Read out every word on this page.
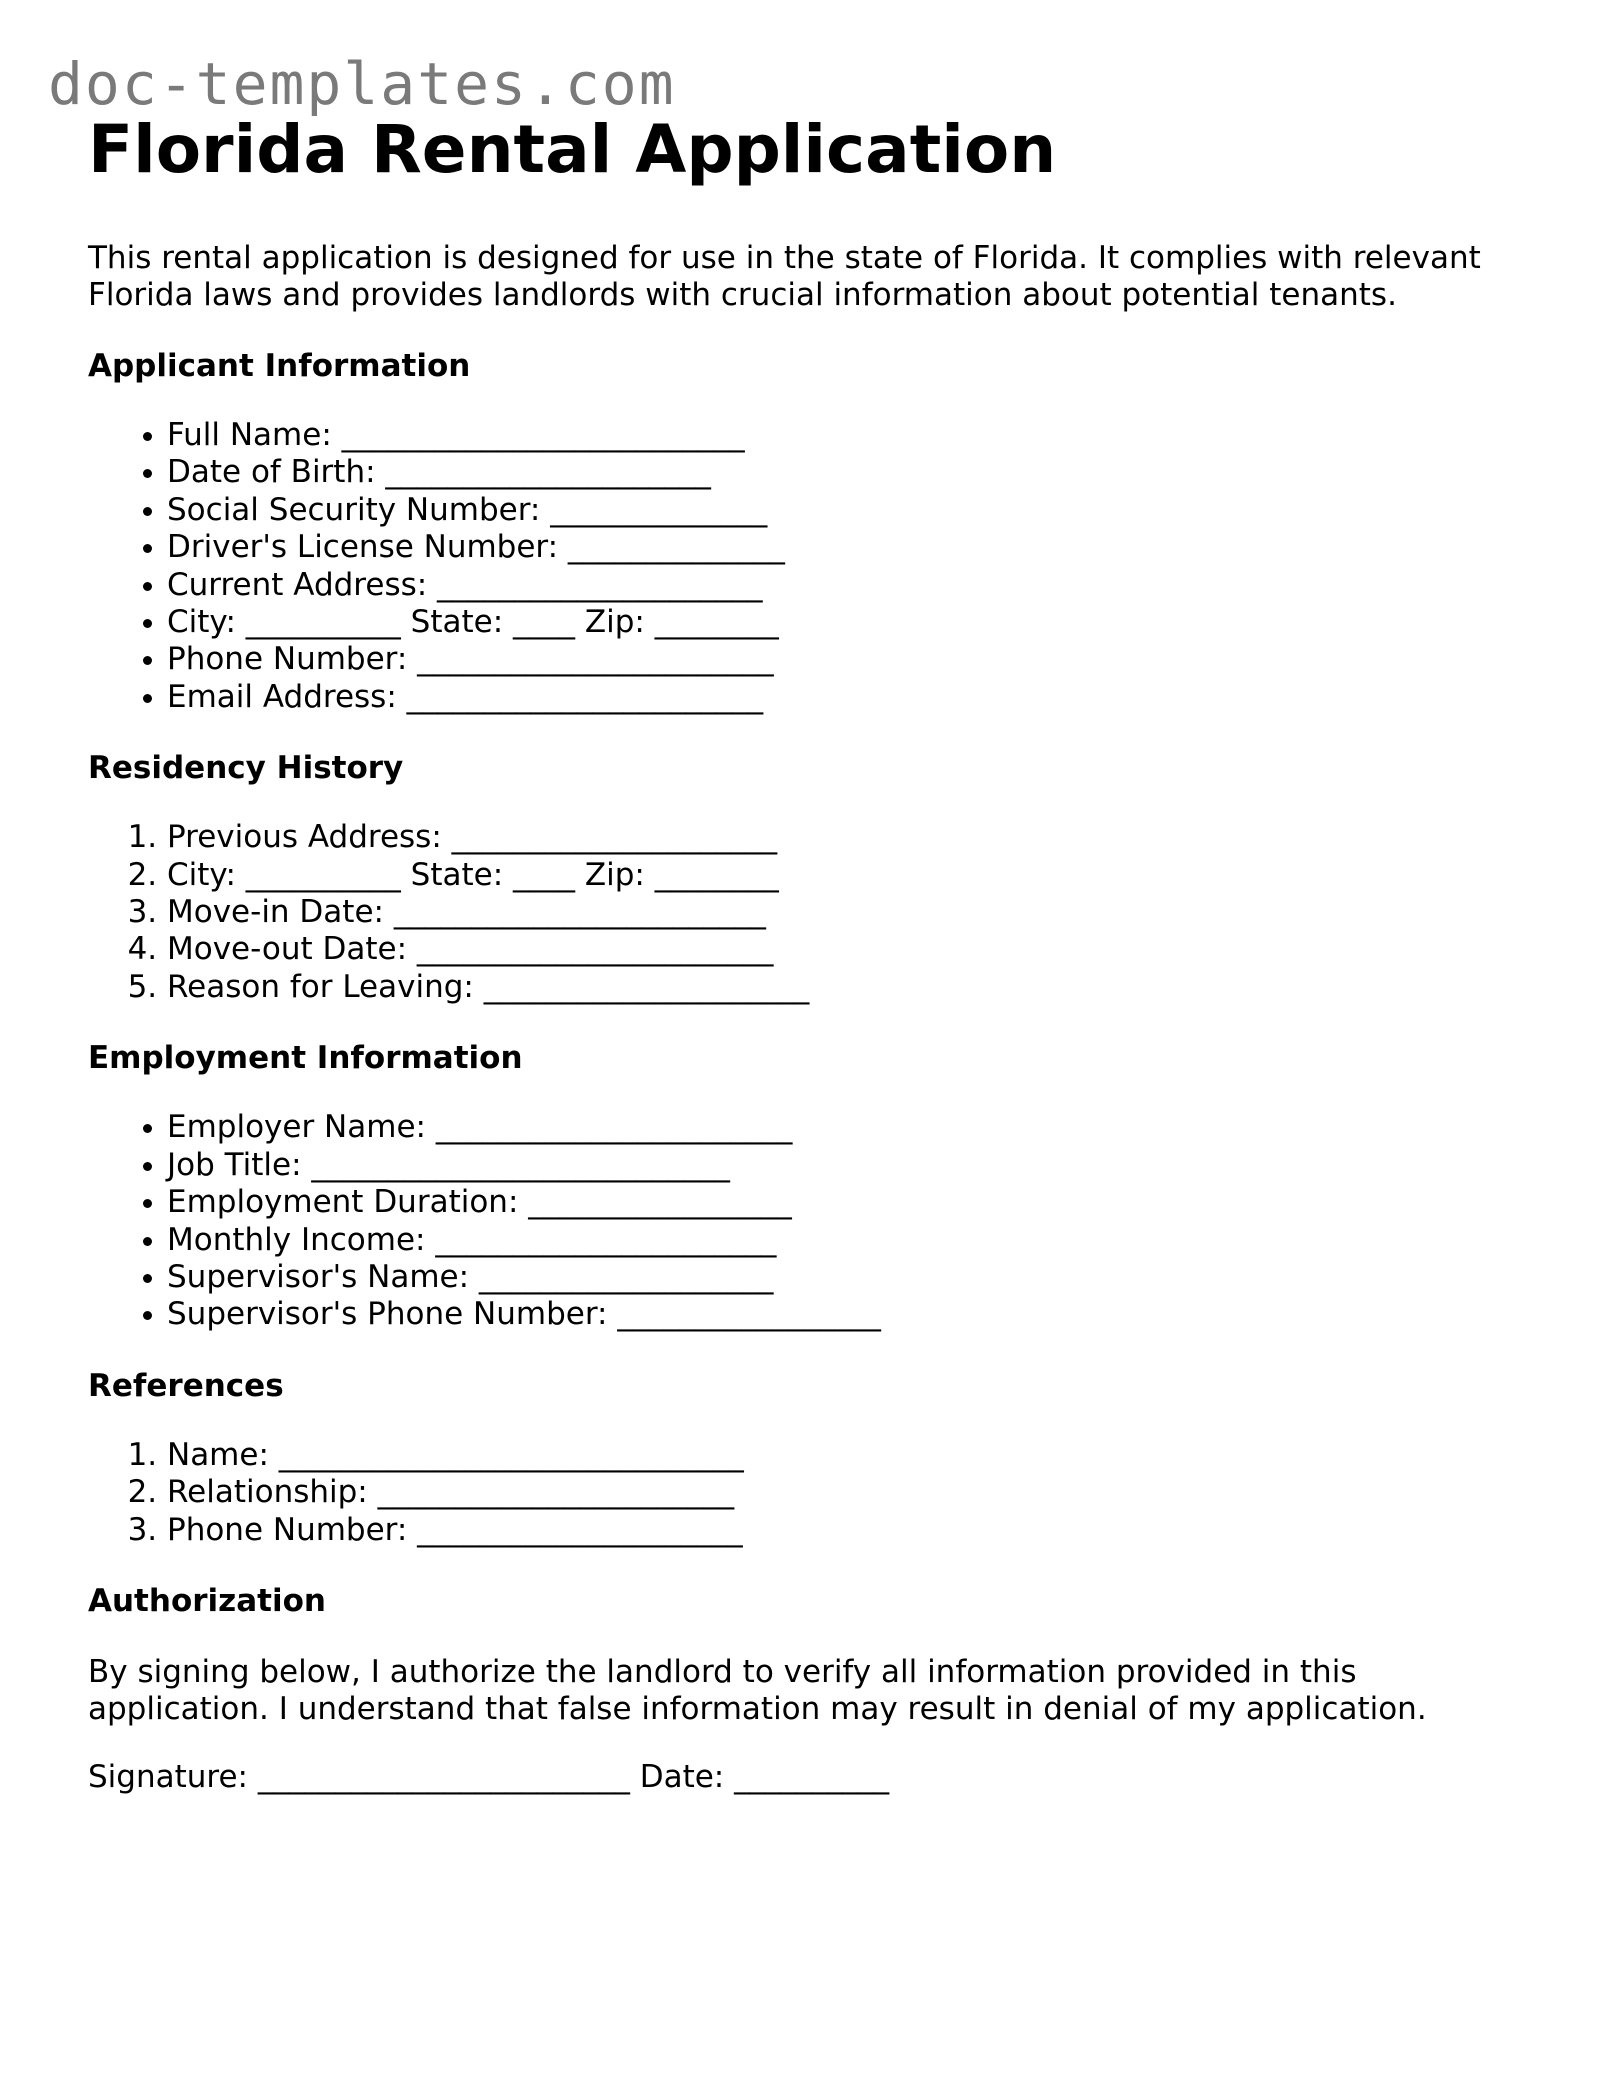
doc-templates.com
Florida Rental Application

This rental application is designed for use in the state of Florida. It complies with relevant Florida laws and provides landlords with crucial information about potential tenants.

Applicant Information
• Full Name: __________________________
• Date of Birth: _____________________
• Social Security Number: ______________
• Driver's License Number: ______________
• Current Address: _____________________
• City: __________ State: ____ Zip: ________
• Phone Number: _______________________
• Email Address: _______________________
Residency History
1. Previous Address: _____________________
2. City: __________ State: ____ Zip: ________
3. Move-in Date: ________________________
4. Move-out Date: _______________________
5. Reason for Leaving: _____________________
Employment Information
• Employer Name: _______________________
• Job Title: ___________________________
• Employment Duration: _________________
• Monthly Income: ______________________
• Supervisor's Name: ___________________
• Supervisor's Phone Number: _________________
References
1. Name: ______________________________
2. Relationship: _______________________
3. Phone Number: _____________________
Authorization

By signing below, I authorize the landlord to verify all information provided in this application. I understand that false information may result in denial of my application.

Signature: ________________________ Date: __________
